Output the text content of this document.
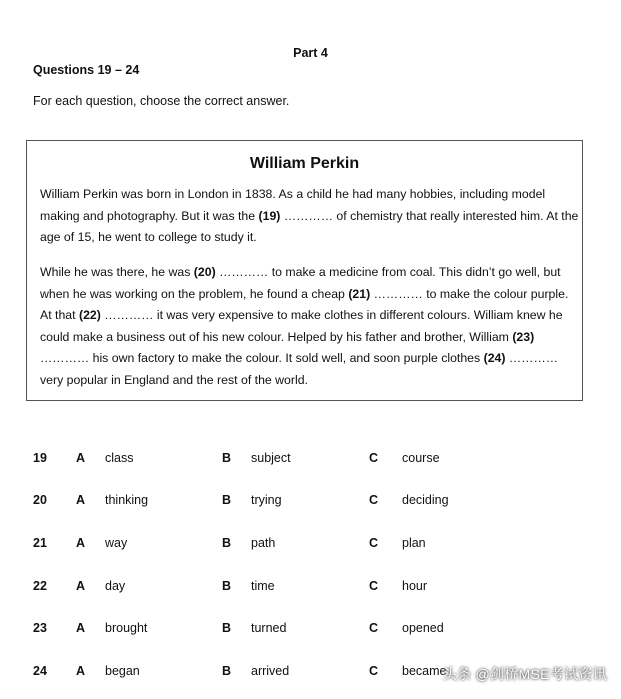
Part 4
Questions 19 – 24
For each question, choose the correct answer.
William Perkin
William Perkin was born in London in 1838. As a child he had many hobbies, including model making and photography. But it was the (19) ………… of chemistry that really interested him. At the age of 15, he went to college to study it.
While he was there, he was (20) ………… to make a medicine from coal. This didn’t go well, but when he was working on the problem, he found a cheap (21) ………… to make the colour purple. At that (22) ………… it was very expensive to make clothes in different colours. William knew he could make a business out of his new colour. Helped by his father and brother, William (23) ………… his own factory to make the colour. It sold well, and soon purple clothes (24) ………… very popular in England and the rest of the world.
19 A class	B subject	C course
20 A thinking	B trying	C deciding
21 A way	B path	C plan
22 A day	B time	C hour
23 A brought	B turned	C opened
24 A began	B arrived	C became
头条 @剑桥MSE考试资讯
